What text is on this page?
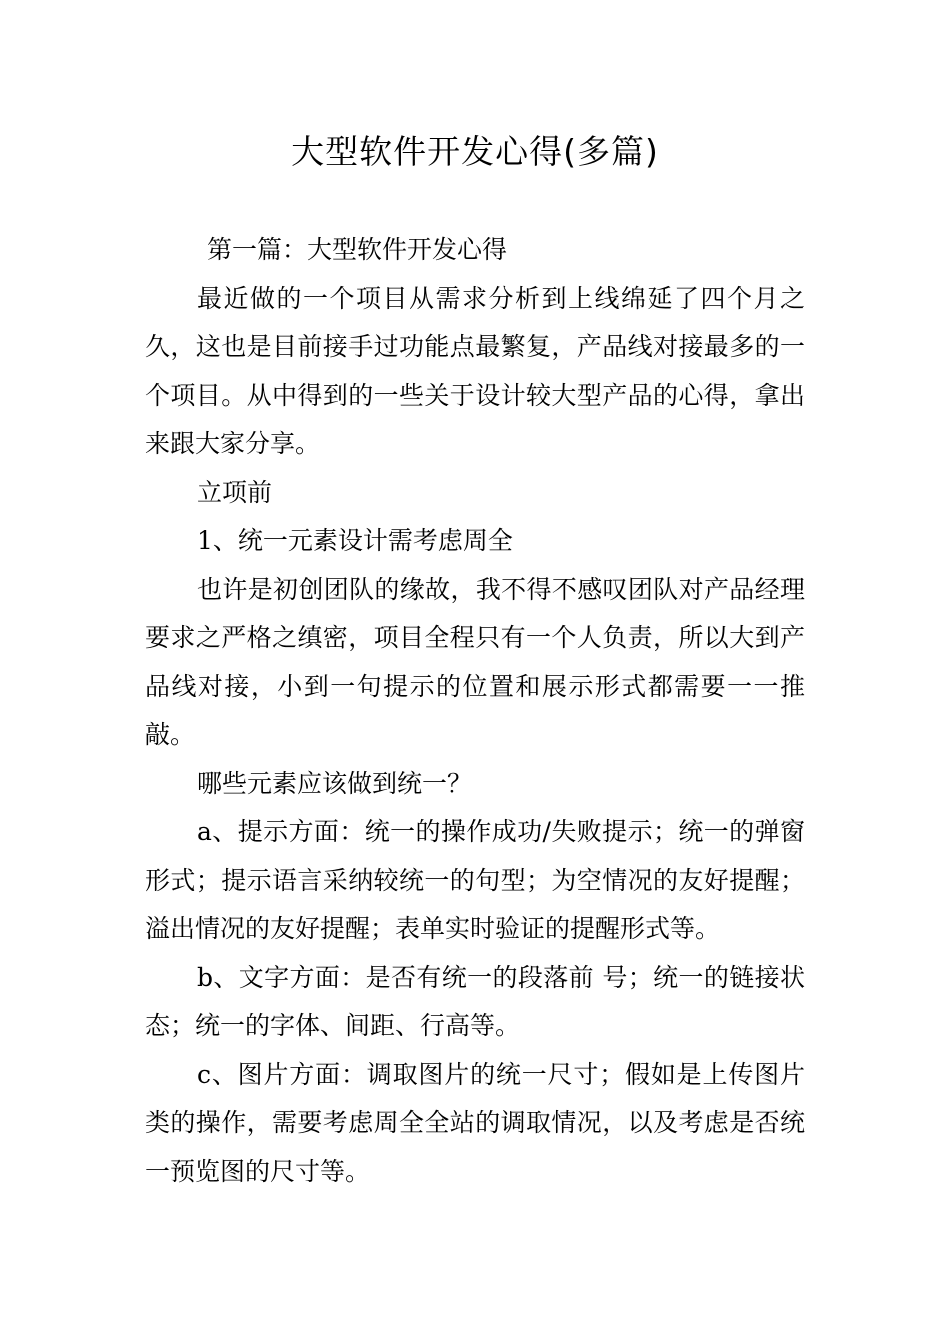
大型软件开发心得(多篇)

第一篇：大型软件开发心得

最近做的一个项目从需求分析到上线绵延了四个月之久，这也是目前接手过功能点最繁复，产品线对接最多的一个项目。从中得到的一些关于设计较大型产品的心得，拿出来跟大家分享。

立项前

1、统一元素设计需考虑周全

也许是初创团队的缘故，我不得不感叹团队对产品经理要求之严格之缜密，项目全程只有一个人负责，所以大到产品线对接，小到一句提示的位置和展示形式都需要一一推敲。

哪些元素应该做到统一？

a、提示方面：统一的操作成功/失败提示；统一的弹窗形式；提示语言采纳较统一的句型；为空情况的友好提醒；溢出情况的友好提醒；表单实时验证的提醒形式等。

b、文字方面：是否有统一的段落前 号；统一的链接状态；统一的字体、间距、行高等。

c、图片方面：调取图片的统一尺寸；假如是上传图片类的操作，需要考虑周全全站的调取情况，以及考虑是否统一预览图的尺寸等。
